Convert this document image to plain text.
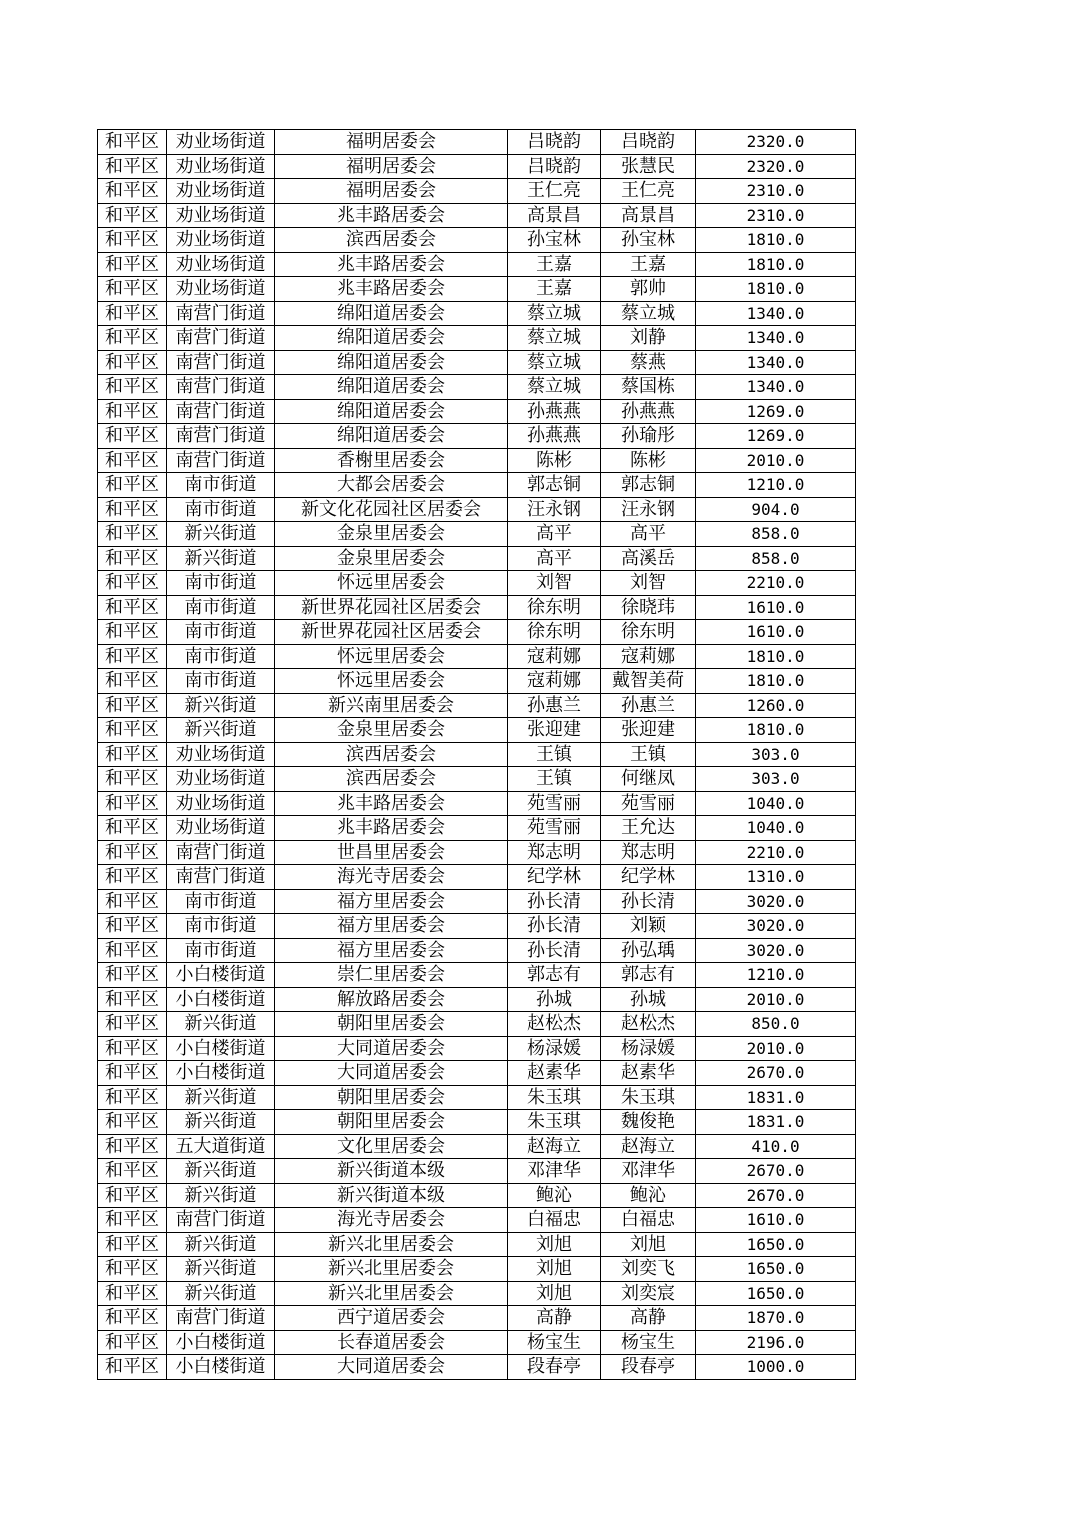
和平区	劝业场街道	福明居委会	吕晓韵	吕晓韵	2320.0
和平区	劝业场街道	福明居委会	吕晓韵	张慧民	2320.0
和平区	劝业场街道	福明居委会	王仁亮	王仁亮	2310.0
和平区	劝业场街道	兆丰路居委会	高景昌	高景昌	2310.0
和平区	劝业场街道	滨西居委会	孙宝林	孙宝林	1810.0
和平区	劝业场街道	兆丰路居委会	王嘉	王嘉	1810.0
和平区	劝业场街道	兆丰路居委会	王嘉	郭帅	1810.0
和平区	南营门街道	绵阳道居委会	蔡立城	蔡立城	1340.0
和平区	南营门街道	绵阳道居委会	蔡立城	刘静	1340.0
和平区	南营门街道	绵阳道居委会	蔡立城	蔡燕	1340.0
和平区	南营门街道	绵阳道居委会	蔡立城	蔡国栋	1340.0
和平区	南营门街道	绵阳道居委会	孙燕燕	孙燕燕	1269.0
和平区	南营门街道	绵阳道居委会	孙燕燕	孙瑜彤	1269.0
和平区	南营门街道	香榭里居委会	陈彬	陈彬	2010.0
和平区	南市街道	大都会居委会	郭志铜	郭志铜	1210.0
和平区	南市街道	新文化花园社区居委会	汪永钢	汪永钢	904.0
和平区	新兴街道	金泉里居委会	高平	高平	858.0
和平区	新兴街道	金泉里居委会	高平	高溪岳	858.0
和平区	南市街道	怀远里居委会	刘智	刘智	2210.0
和平区	南市街道	新世界花园社区居委会	徐东明	徐晓玮	1610.0
和平区	南市街道	新世界花园社区居委会	徐东明	徐东明	1610.0
和平区	南市街道	怀远里居委会	寇莉娜	寇莉娜	1810.0
和平区	南市街道	怀远里居委会	寇莉娜	戴智美荷	1810.0
和平区	新兴街道	新兴南里居委会	孙惠兰	孙惠兰	1260.0
和平区	新兴街道	金泉里居委会	张迎建	张迎建	1810.0
和平区	劝业场街道	滨西居委会	王镇	王镇	303.0
和平区	劝业场街道	滨西居委会	王镇	何继凤	303.0
和平区	劝业场街道	兆丰路居委会	苑雪丽	苑雪丽	1040.0
和平区	劝业场街道	兆丰路居委会	苑雪丽	王允达	1040.0
和平区	南营门街道	世昌里居委会	郑志明	郑志明	2210.0
和平区	南营门街道	海光寺居委会	纪学林	纪学林	1310.0
和平区	南市街道	福方里居委会	孙长清	孙长清	3020.0
和平区	南市街道	福方里居委会	孙长清	刘颖	3020.0
和平区	南市街道	福方里居委会	孙长清	孙弘瑀	3020.0
和平区	小白楼街道	崇仁里居委会	郭志有	郭志有	1210.0
和平区	小白楼街道	解放路居委会	孙城	孙城	2010.0
和平区	新兴街道	朝阳里居委会	赵松杰	赵松杰	850.0
和平区	小白楼街道	大同道居委会	杨渌媛	杨渌媛	2010.0
和平区	小白楼街道	大同道居委会	赵素华	赵素华	2670.0
和平区	新兴街道	朝阳里居委会	朱玉琪	朱玉琪	1831.0
和平区	新兴街道	朝阳里居委会	朱玉琪	魏俊艳	1831.0
和平区	五大道街道	文化里居委会	赵海立	赵海立	410.0
和平区	新兴街道	新兴街道本级	邓津华	邓津华	2670.0
和平区	新兴街道	新兴街道本级	鲍沁	鲍沁	2670.0
和平区	南营门街道	海光寺居委会	白福忠	白福忠	1610.0
和平区	新兴街道	新兴北里居委会	刘旭	刘旭	1650.0
和平区	新兴街道	新兴北里居委会	刘旭	刘奕飞	1650.0
和平区	新兴街道	新兴北里居委会	刘旭	刘奕宸	1650.0
和平区	南营门街道	西宁道居委会	高静	高静	1870.0
和平区	小白楼街道	长春道居委会	杨宝生	杨宝生	2196.0
和平区	小白楼街道	大同道居委会	段春亭	段春亭	1000.0
